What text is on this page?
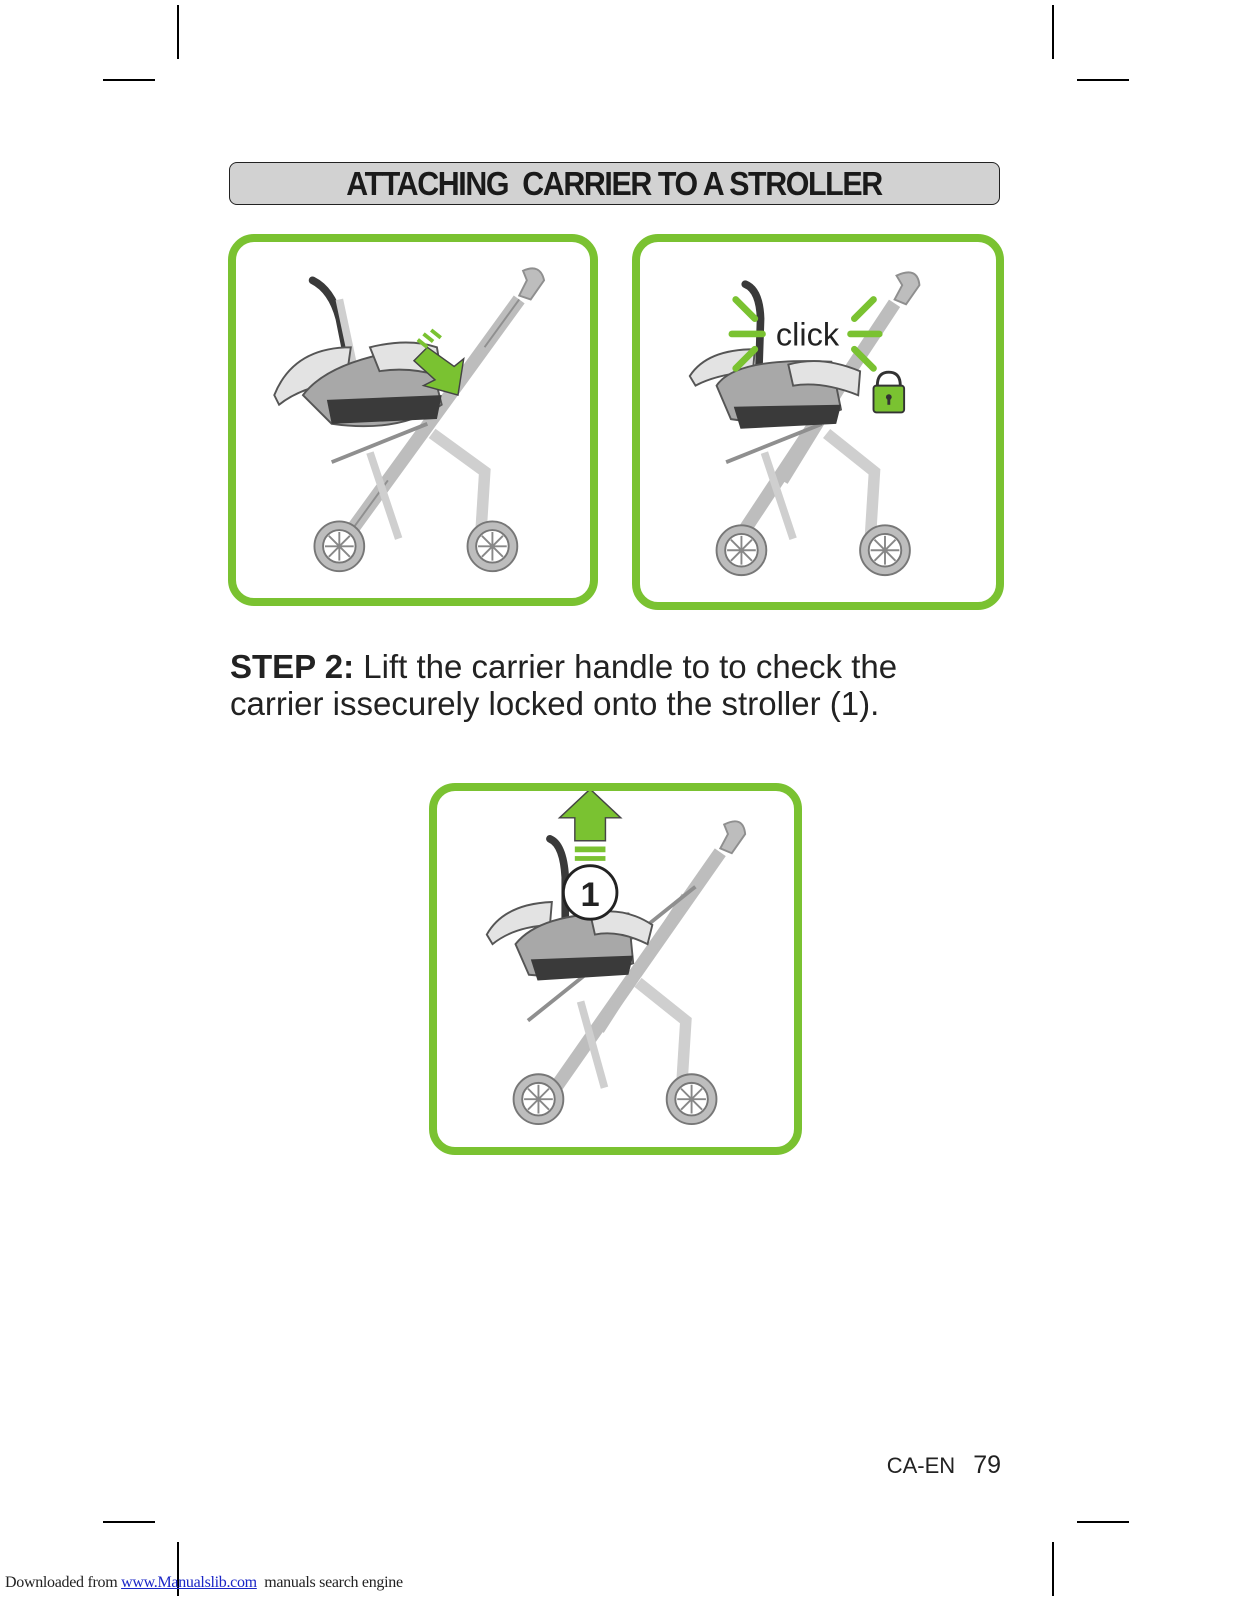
ATTACHING  CARRIER TO A STROLLER
click
STEP 2: Lift the carrier handle to to check the carrier issecurely locked onto the stroller (1).
1
CA-EN 79
Downloaded from www.Manualslib.com  manuals search engine
